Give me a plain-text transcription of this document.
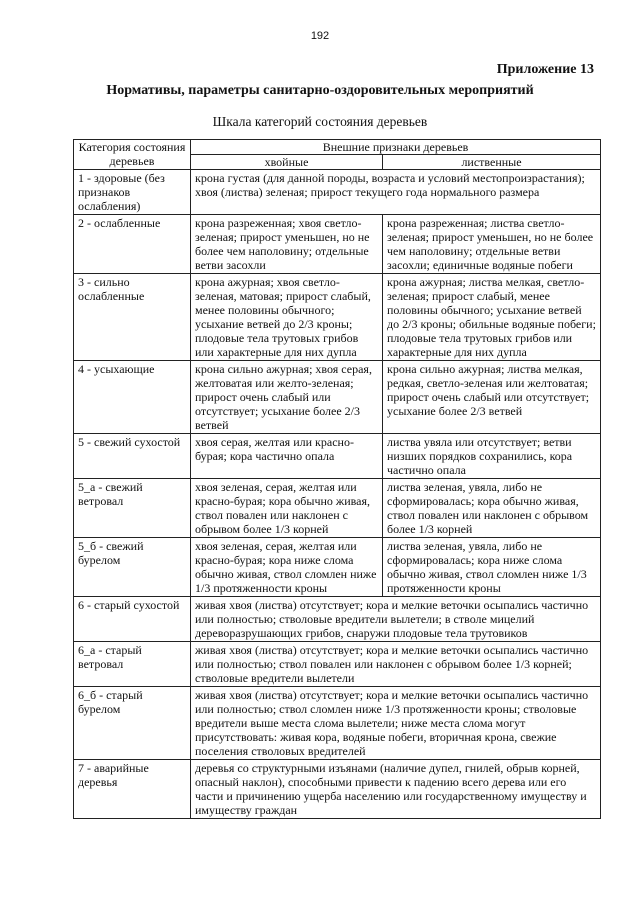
192
Приложение 13
Нормативы, параметры санитарно-оздоровительных мероприятий
Шкала категорий состояния деревьев
Категория состояния деревьев	Внешние признаки деревьев	
	хвойные	лиственные
1 - здоровые (без признаков ослабления)	крона густая (для данной породы, возраста и условий местопроизрастания); хвоя (листва) зеленая; прирост текущего года нормального размера	
2 - ослабленные	крона разреженная; хвоя светло-зеленая; прирост уменьшен, но не более чем наполовину; отдельные ветви засохли	крона разреженная; листва светло-зеленая; прирост уменьшен, но не более чем наполовину; отдельные ветви засохли; единичные водяные побеги
3 - сильно ослабленные	крона ажурная; хвоя светло-зеленая, матовая; прирост слабый, менее половины обычного; усыхание ветвей до 2/3 кроны; плодовые тела трутовых грибов или характерные для них дупла	крона ажурная; листва мелкая, светло-зеленая; прирост слабый, менее половины обычного; усыхание ветвей до 2/3 кроны; обильные водяные побеги; плодовые тела трутовых грибов или характерные для них дупла
4 - усыхающие	крона сильно ажурная; хвоя серая, желтоватая или желто-зеленая; прирост очень слабый или отсутствует; усыхание более 2/3 ветвей	крона сильно ажурная; листва мелкая, редкая, светло-зеленая или желтоватая; прирост очень слабый или отсутствует; усыхание более 2/3 ветвей
5 - свежий сухостой	хвоя серая, желтая или красно-бурая; кора частично опала	листва увяла или отсутствует; ветви низших порядков сохранились, кора частично опала
5_а - свежий ветровал	хвоя зеленая, серая, желтая или красно-бурая; кора обычно живая, ствол повален или наклонен с обрывом более 1/3 корней	листва зеленая, увяла, либо не сформировалась; кора обычно живая, ствол повален или наклонен с обрывом более 1/3 корней
5_б - свежий бурелом	хвоя зеленая, серая, желтая или красно-бурая; кора ниже слома обычно живая, ствол сломлен ниже 1/3 протяженности кроны	листва зеленая, увяла, либо не сформировалась; кора ниже слома обычно живая, ствол сломлен ниже 1/3 протяженности кроны
6 - старый сухостой	живая хвоя (листва) отсутствует; кора и мелкие веточки осыпались частично или полностью; стволовые вредители вылетели; в стволе мицелий дереворазрушающих грибов, снаружи плодовые тела трутовиков	
6_а - старый ветровал	живая хвоя (листва) отсутствует; кора и мелкие веточки осыпались частично или полностью; ствол повален или наклонен с обрывом более 1/3 корней; стволовые вредители вылетели	
6_б - старый бурелом	живая хвоя (листва) отсутствует; кора и мелкие веточки осыпались частично или полностью; ствол сломлен ниже 1/3 протяженности кроны; стволовые вредители выше места слома вылетели; ниже места слома могут присутствовать: живая кора, водяные побеги, вторичная крона, свежие поселения стволовых вредителей	
7 - аварийные деревья	деревья со структурными изъянами (наличие дупел, гнилей, обрыв корней, опасный наклон), способными привести к падению всего дерева или его части и причинению ущерба населению или государственному имуществу и имуществу граждан	
